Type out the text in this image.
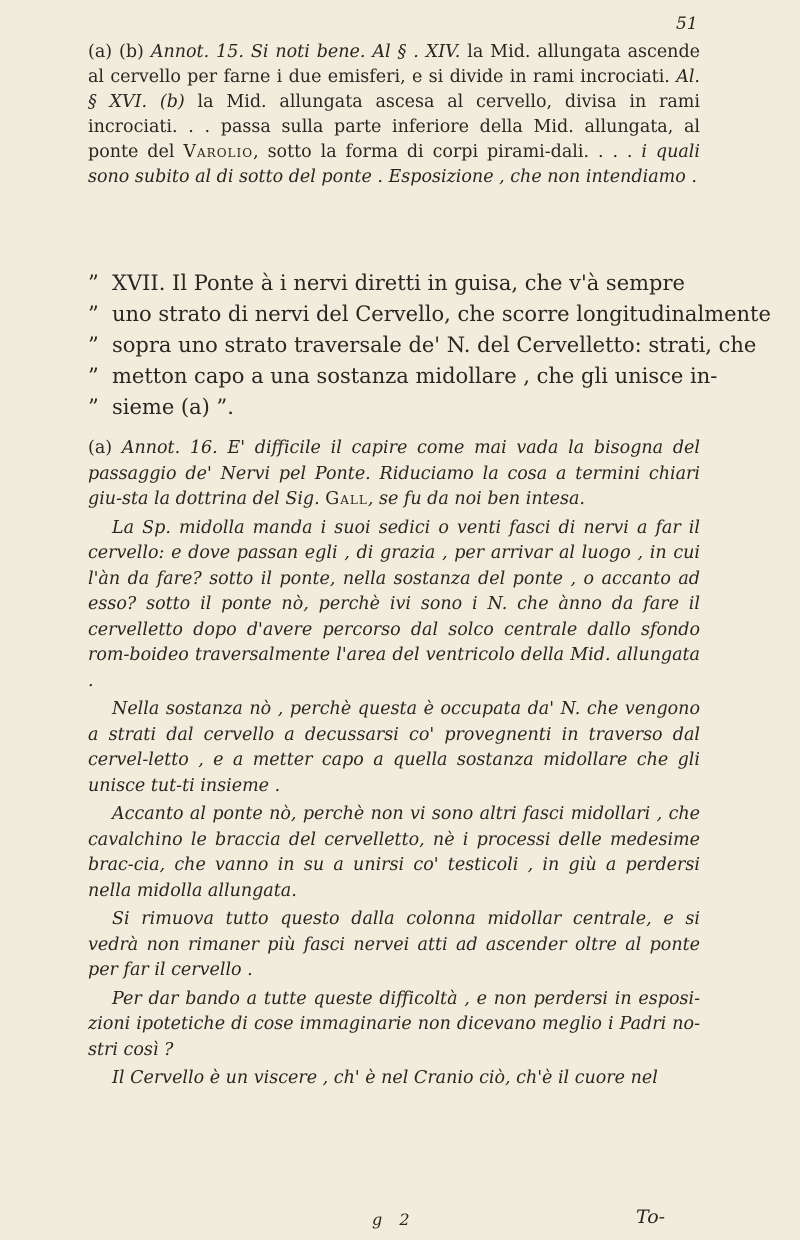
51
(a) (b) Annot. 15. Si noti bene. Al § . XIV. la Mid. allungata ascende al cervello per farne i due emisferi, e si divide in rami incrociati. Al. § XVI. (b) la Mid. allungata ascesa al cervello, divisa in rami incrociati. . . passa sulla parte inferiore della Mid. allungata, al ponte del Varolio, sotto la forma di corpi pirami-dali. . . . i quali sono subito al di sotto del ponte . Esposizione , che non intendiamo .
” XVII. Il Ponte à i nervi diretti in guisa, che v'à sempre
” uno strato di nervi del Cervello, che scorre longitudinalmente
” sopra uno strato traversale de' N. del Cervelletto: strati, che
” metton capo a una sostanza midollare , che gli unisce in-
” sieme (a) ”.

(a) Annot. 16. E' difficile il capire come mai vada la bisogna del passaggio de' Nervi pel Ponte. Riduciamo la cosa a termini chiari giu-sta la dottrina del Sig. Gall, se fu da noi ben intesa.

La Sp. midolla manda i suoi sedici o venti fasci di nervi a far il cervello: e dove passan egli , di grazia , per arrivar al luogo , in cui l'àn da fare? sotto il ponte, nella sostanza del ponte , o accanto ad esso? sotto il ponte nò, perchè ivi sono i N. che ànno da fare il cervelletto dopo d'avere percorso dal solco centrale dallo sfondo rom-boideo traversalmente l'area del ventricolo della Mid. allungata .

Nella sostanza nò , perchè questa è occupata da' N. che vengono a strati dal cervello a decussarsi co' provegnenti in traverso dal cervel-letto , e a metter capo a quella sostanza midollare che gli unisce tut-ti insieme .

Accanto al ponte nò, perchè non vi sono altri fasci midollari , che cavalchino le braccia del cervelletto, nè i processi delle medesime brac-cia, che vanno in su a unirsi co' testicoli , in giù a perdersi nella midolla allungata.

Si rimuova tutto questo dalla colonna midollar centrale, e si vedrà non rimaner più fasci nervei atti ad ascender oltre al ponte per far il cervello .

Per dar bando a tutte queste difficoltà , e non perdersi in esposi-zioni ipotetiche di cose immaginarie non dicevano meglio i Padri no-stri così ?

Il Cervello è un viscere , ch' è nel Cranio ciò, ch'è il cuore nel

g 2	To-
